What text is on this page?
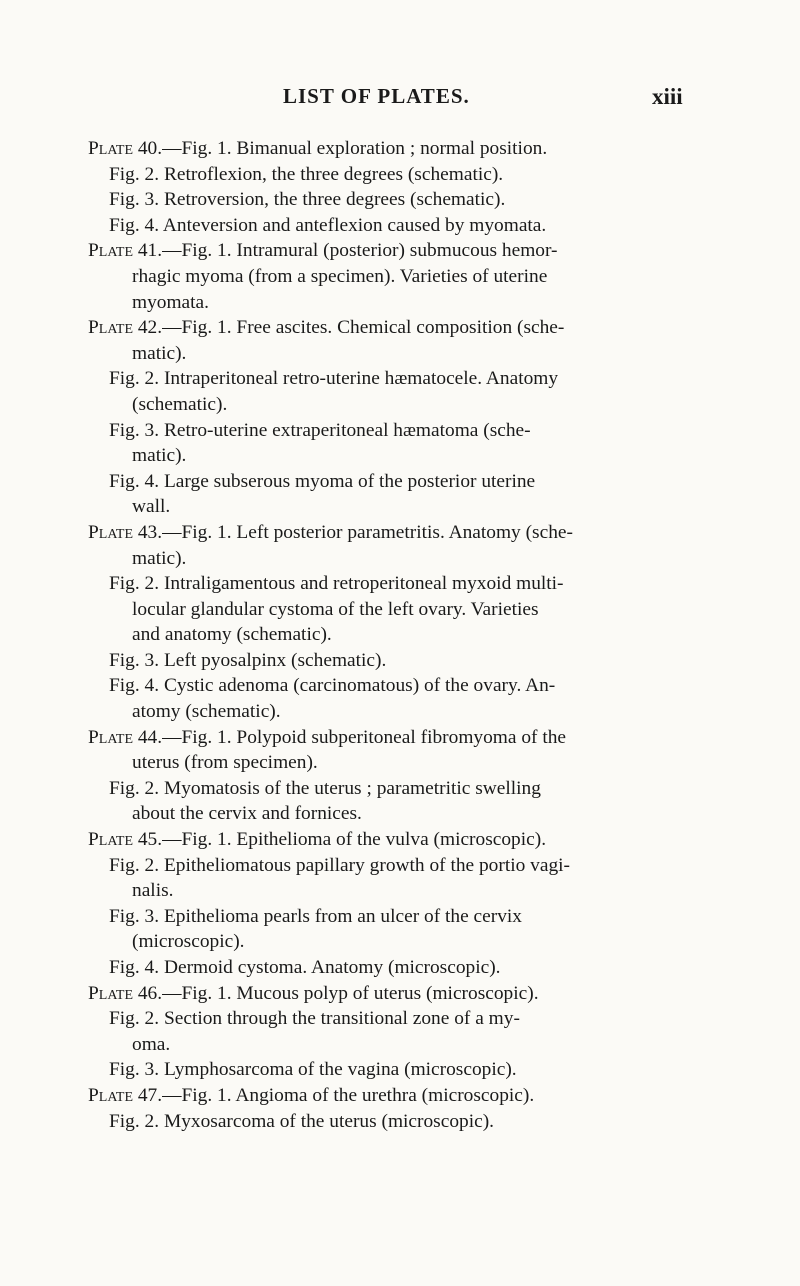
LIST OF PLATES.	xiii
Plate 40.—Fig. 1. Bimanual exploration ; normal position.
Fig. 2. Retroflexion, the three degrees (schematic).
Fig. 3. Retroversion, the three degrees (schematic).
Fig. 4. Anteversion and anteflexion caused by myomata.
Plate 41.—Fig. 1. Intramural (posterior) submucous hemor-
rhagic myoma (from a specimen). Varieties of uterine
myomata.
Plate 42.—Fig. 1. Free ascites. Chemical composition (sche-
matic).
Fig. 2. Intraperitoneal retro-uterine hæmatocele. Anatomy
(schematic).
Fig. 3. Retro-uterine extraperitoneal hæmatoma (sche-
matic).
Fig. 4. Large subserous myoma of the posterior uterine
wall.
Plate 43.—Fig. 1. Left posterior parametritis. Anatomy (sche-
matic).
Fig. 2. Intraligamentous and retroperitoneal myxoid multi-
locular glandular cystoma of the left ovary. Varieties
and anatomy (schematic).
Fig. 3. Left pyosalpinx (schematic).
Fig. 4. Cystic adenoma (carcinomatous) of the ovary. An-
atomy (schematic).
Plate 44.—Fig. 1. Polypoid subperitoneal fibromyoma of the
uterus (from specimen).
Fig. 2. Myomatosis of the uterus ; parametritic swelling
about the cervix and fornices.
Plate 45.—Fig. 1. Epithelioma of the vulva (microscopic).
Fig. 2. Epitheliomatous papillary growth of the portio vagi-
nalis.
Fig. 3. Epithelioma pearls from an ulcer of the cervix
(microscopic).
Fig. 4. Dermoid cystoma. Anatomy (microscopic).
Plate 46.—Fig. 1. Mucous polyp of uterus (microscopic).
Fig. 2. Section through the transitional zone of a my-
oma.
Fig. 3. Lymphosarcoma of the vagina (microscopic).
Plate 47.—Fig. 1. Angioma of the urethra (microscopic).
Fig. 2. Myxosarcoma of the uterus (microscopic).
